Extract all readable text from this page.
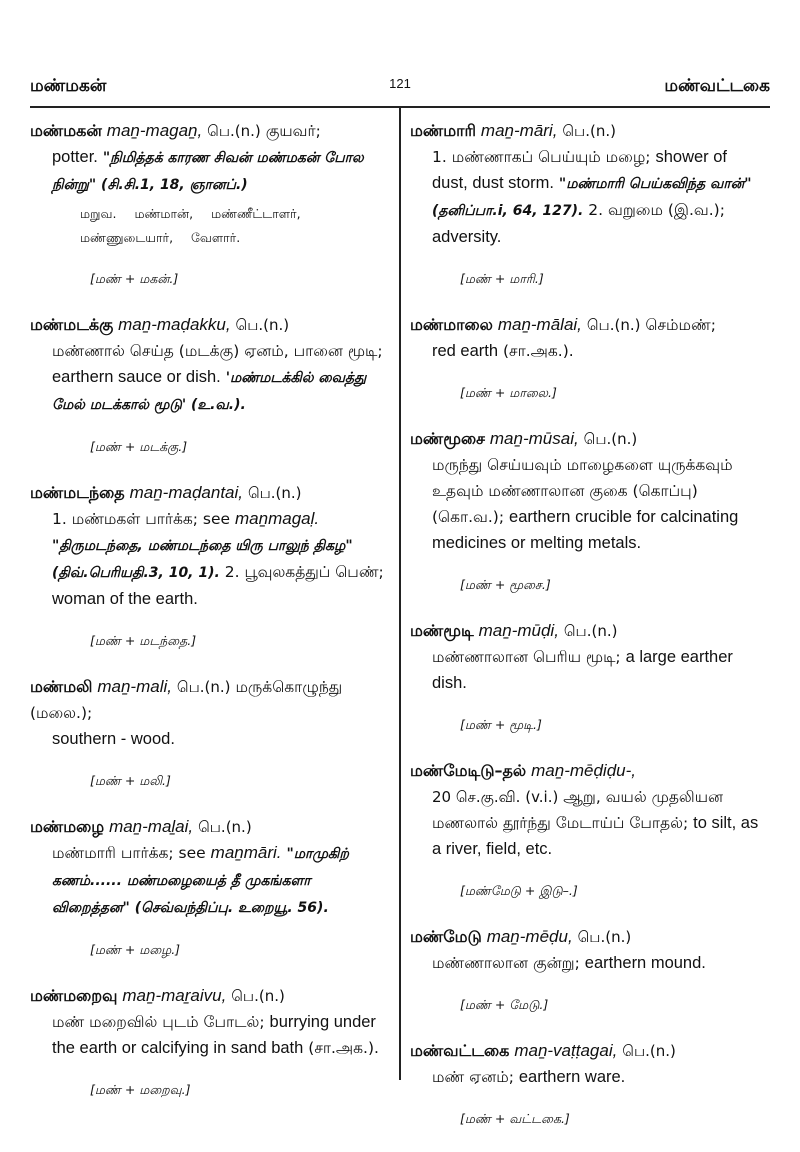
மண்மகன்	121	மண்வட்டகை
மண்மகன் maṉ-magaṉ, பெ.(n.) குயவர்;
potter. "நிமித்தக் காரண சிவன் மண்மகன் போல நின்று" (சி.சி.1, 18, ஞானப்.)
மறுவ. மண்மான், மண்ணீட்டாளர், மண்ணுடையார், வேளார்.
[மண் + மகன்.]
மண்மடக்கு maṉ-maḍakku, பெ.(n.)
மண்ணால் செய்த (மடக்கு) ஏனம், பானை மூடி; earthern sauce or dish. 'மண்மடக்கில் வைத்து மேல் மடக்கால் மூடு' (உ.வ.).
[மண் + மடக்கு.]
மண்மடந்தை maṉ-maḍantai, பெ.(n.)
1. மண்மகள் பார்க்க; see maṉmagaḷ. "திருமடந்தை, மண்மடந்தை யிரு பாலுந் திகழ" (திவ்.பெரியதி.3, 10, 1). 2. பூவுலகத்துப் பெண்; woman of the earth.
[மண் + மடந்தை.]
மண்மலி maṉ-mali, பெ.(n.) மருக்கொழுந்து (மலை.);
southern - wood.
[மண் + மலி.]
மண்மழை maṉ-maḻai, பெ.(n.)
மண்மாரி பார்க்க; see maṉmāri. "மாமுகிற் கணம்...... மண்மழையைத் தீ முகங்களா விறைத்தன" (செவ்வந்திப்பு. உறையூ. 56).
[மண் + மழை.]
மண்மறைவு maṉ-maṟaivu, பெ.(n.)
மண் மறைவில் புடம் போடல்; burrying under the earth or calcifying in sand bath (சா.அக.).
[மண் + மறைவு.]
மண்மாரி maṉ-māri, பெ.(n.)
1. மண்ணாகப் பெய்யும் மழை; shower of dust, dust storm. "மண்மாரி பெய்கவிந்த வான்" (தனிப்பா.i, 64, 127). 2. வறுமை (இ.வ.); adversity.
[மண் + மாரி.]
மண்மாலை maṉ-mālai, பெ.(n.) செம்மண்;
red earth (சா.அக.).
[மண் + மாலை.]
மண்மூசை maṉ-mūsai, பெ.(n.)
மருந்து செய்யவும் மாழைகளை யுருக்கவும் உதவும் மண்ணாலான குகை (கொப்பு) (கொ.வ.); earthern crucible for calcinating medicines or melting metals.
[மண் + மூசை.]
மண்மூடி maṉ-mūḍi, பெ.(n.)
மண்ணாலான பெரிய மூடி; a large earther dish.
[மண் + மூடி.]
மண்மேடிடு–தல் maṉ-mēḍiḍu-,
20 செ.கு.வி. (v.i.) ஆறு, வயல் முதலியன மணலால் தூர்ந்து மேடாய்ப் போதல்; to silt, as a river, field, etc.
[மண்மேடு + இடு–.]
மண்மேடு maṉ-mēḍu, பெ.(n.)
மண்ணாலான குன்று; earthern mound.
[மண் + மேடு.]
மண்வட்டகை maṉ-vaṭṭagai, பெ.(n.)
மண் ஏனம்; earthern ware.
[மண் + வட்டகை.]
